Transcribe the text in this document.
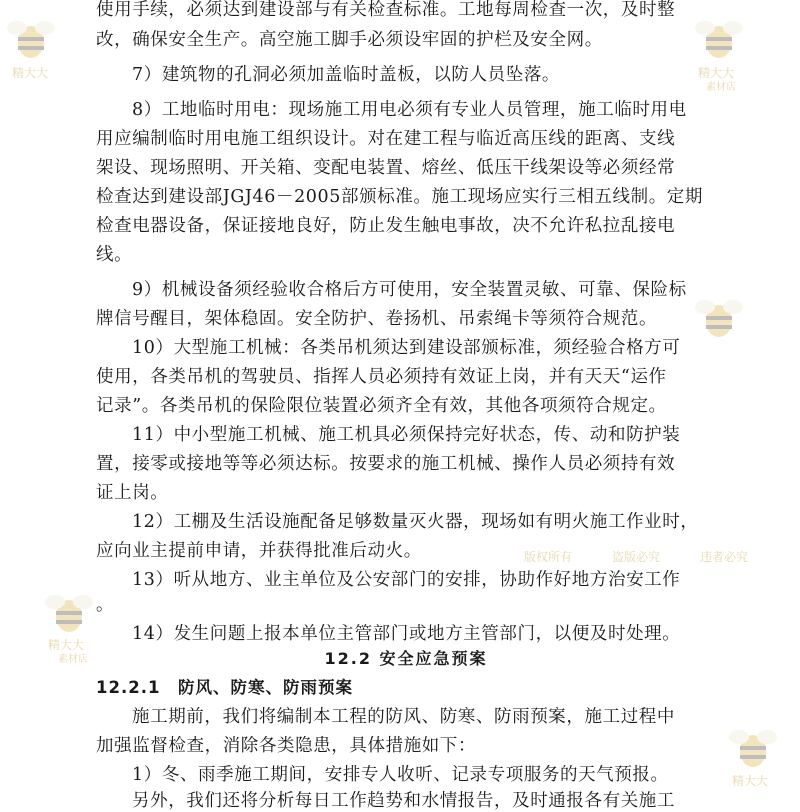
使用手续，必须达到建设部与有关检查标准。工地每周检查一次，及时整
改，确保安全生产。高空施工脚手必须设牢固的护栏及安全网。
7）建筑物的孔洞必须加盖临时盖板，以防人员坠落。
8）工地临时用电：现场施工用电必须有专业人员管理，施工临时用电
用应编制临时用电施工组织设计。对在建工程与临近高压线的距离、支线
架设、现场照明、开关箱、变配电装置、熔丝、低压干线架设等必须经常
检查达到建设部JGJ46－2005部颁标准。施工现场应实行三相五线制。定期
检查电器设备，保证接地良好，防止发生触电事故，决不允许私拉乱接电
线。
9）机械设备须经验收合格后方可使用，安全装置灵敏、可靠、保险标
牌信号醒目，架体稳固。安全防护、卷扬机、吊索绳卡等须符合规范。
10）大型施工机械：各类吊机须达到建设部颁标准，须经验合格方可
使用，各类吊机的驾驶员、指挥人员必须持有效证上岗，并有天天“运作
记录”。各类吊机的保险限位装置必须齐全有效，其他各项须符合规定。
11）中小型施工机械、施工机具必须保持完好状态，传、动和防护装
置，接零或接地等等必须达标。按要求的施工机械、操作人员必须持有效
证上岗。
12）工棚及生活设施配备足够数量灭火器，现场如有明火施工作业时，
应向业主提前申请，并获得批准后动火。
13）听从地方、业主单位及公安部门的安排，协助作好地方治安工作
。
14）发生问题上报本单位主管部门或地方主管部门，以便及时处理。
12.2 安全应急预案
12.2.1　防风、防寒、防雨预案
施工期前，我们将编制本工程的防风、防寒、防雨预案，施工过程中
加强监督检查，消除各类隐患，具体措施如下：
1）冬、雨季施工期间，安排专人收听、记录专项服务的天气预报。
另外，我们还将分析每日工作趋势和水情报告，及时通报各有关施工
精大大	精大大
素材店
精大大
素材店
精大大
版权所有	盗版必究	违者必究
